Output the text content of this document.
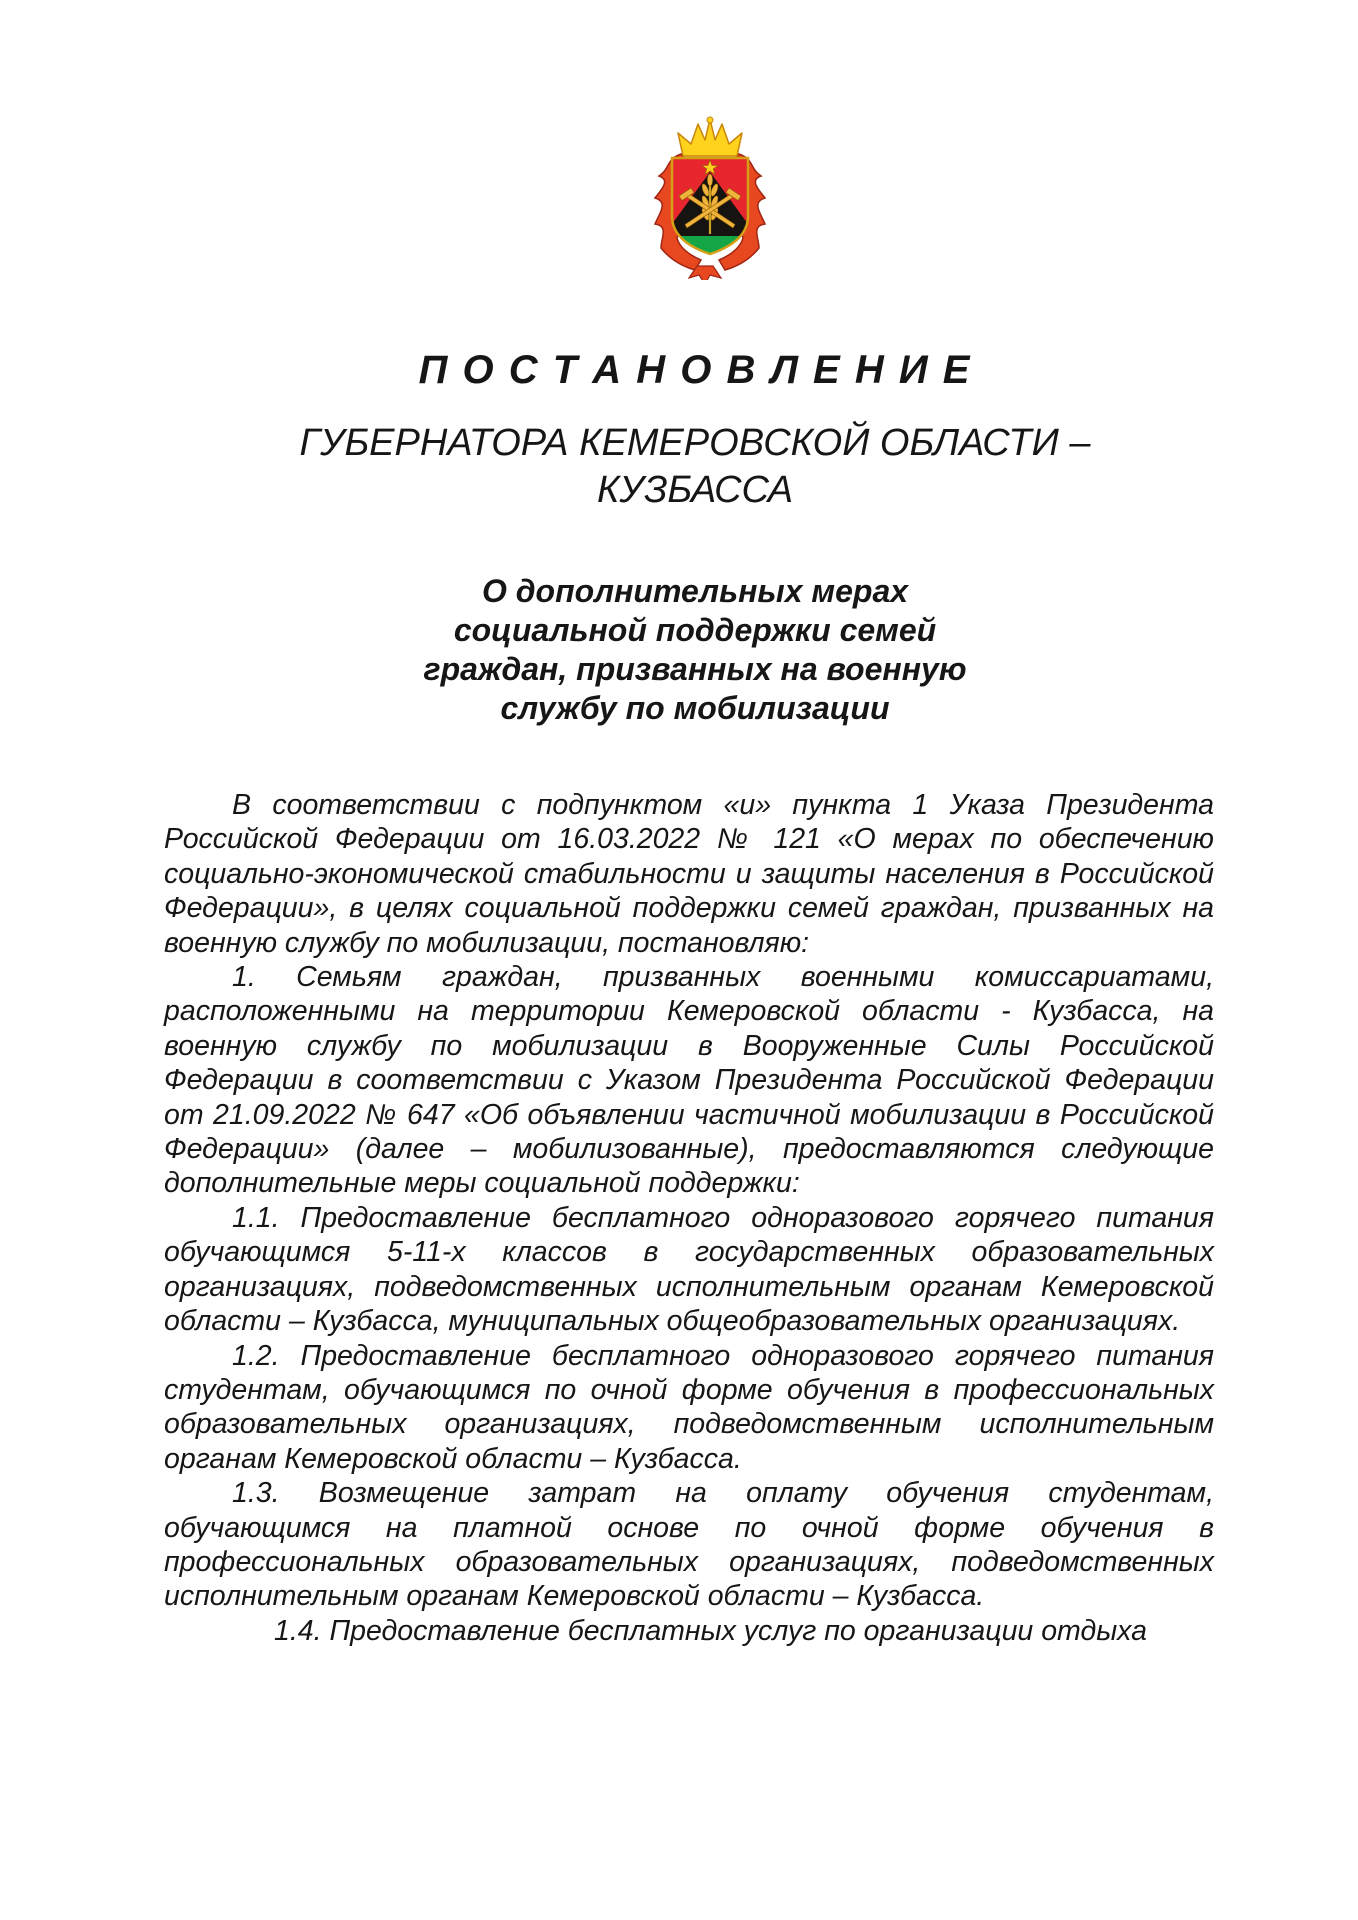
П О С Т А Н О В Л Е Н И Е
ГУБЕРНАТОРА КЕМЕРОВСКОЙ ОБЛАСТИ –
КУЗБАССА
О дополнительных мерах
социальной поддержки семей
граждан, призванных на военную
службу по мобилизации

В соответствии с подпунктом «и» пункта 1 Указа Президента Российской Федерации от 16.03.2022 № 121 «О мерах по обеспечению социально-экономической стабильности и защиты населения в Российской Федерации», в целях социальной поддержки семей граждан, призванных на военную службу по мобилизации, постановляю:

1. Семьям граждан, призванных военными комиссариатами, расположенными на территории Кемеровской области - Кузбасса, на военную службу по мобилизации в Вооруженные Силы Российской Федерации в соответствии с Указом Президента Российской Федерации от 21.09.2022 № 647 «Об объявлении частичной мобилизации в Российской Федерации» (далее – мобилизованные), предоставляются следующие дополнительные меры социальной поддержки:

1.1. Предоставление бесплатного одноразового горячего питания обучающимся 5-11-х классов в государственных образовательных организациях, подведомственных исполнительным органам Кемеровской области – Кузбасса, муниципальных общеобразовательных организациях.

1.2. Предоставление бесплатного одноразового горячего питания студентам, обучающимся по очной форме обучения в профессиональных образовательных организациях, подведомственным исполнительным органам Кемеровской области – Кузбасса.

1.3. Возмещение затрат на оплату обучения студентам, обучающимся на платной основе по очной форме обучения в профессиональных образовательных организациях, подведомственных исполнительным органам Кемеровской области – Кузбасса.

1.4. Предоставление бесплатных услуг по организации отдыха
